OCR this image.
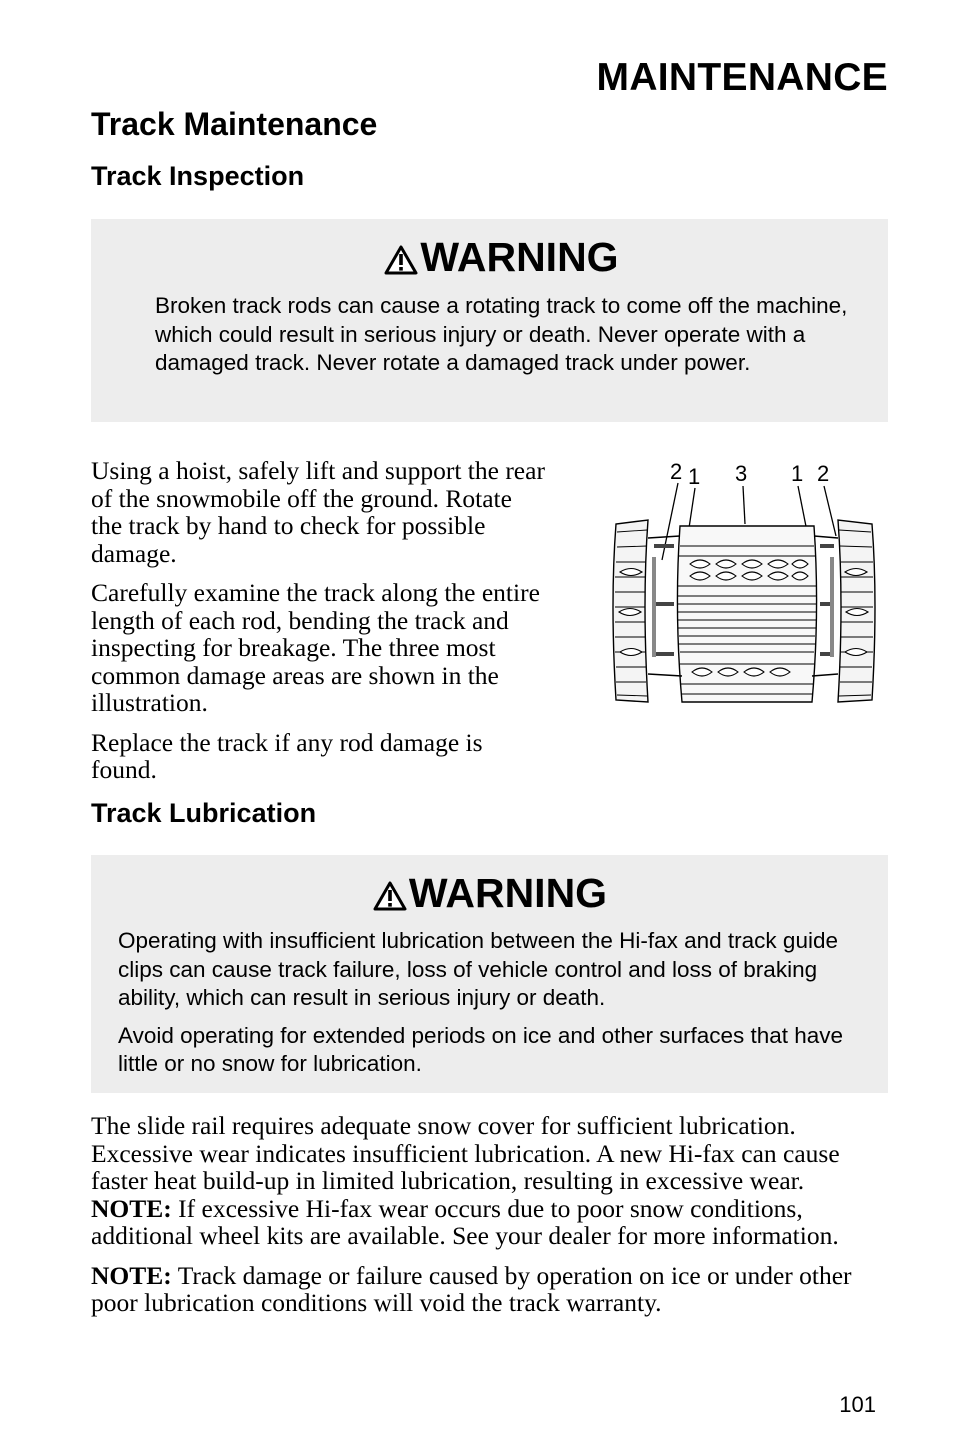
MAINTENANCE
Track Maintenance
Track Inspection
WARNING

Broken track rods can cause a rotating track to come off the machine, which could result in serious injury or death. Never operate with a damaged track. Never rotate a damaged track under power.

Using a hoist, safely lift and support the rear of the snowmobile off the ground. Rotate the track by hand to check for possible damage.

Carefully examine the track along the entire length of each rod, bending the track and inspecting for breakage. The three most common damage areas are shown in the illustration.

Replace the track if any rod damage is found.

2 1 3 1 2
Track Lubrication
WARNING

Operating with insufficient lubrication between the Hi-fax and track guide clips can cause track failure, loss of vehicle control and loss of braking ability, which can result in serious injury or death.

Avoid operating for extended periods on ice and other surfaces that have little or no snow for lubrication.

The slide rail requires adequate snow cover for sufficient lubrication. Excessive wear indicates insufficient lubrication. A new Hi-fax can cause faster heat build-up in limited lubrication, resulting in excessive wear. NOTE: If excessive Hi-fax wear occurs due to poor snow conditions, additional wheel kits are available. See your dealer for more information.

NOTE: Track damage or failure caused by operation on ice or under other poor lubrication conditions will void the track warranty.

101
